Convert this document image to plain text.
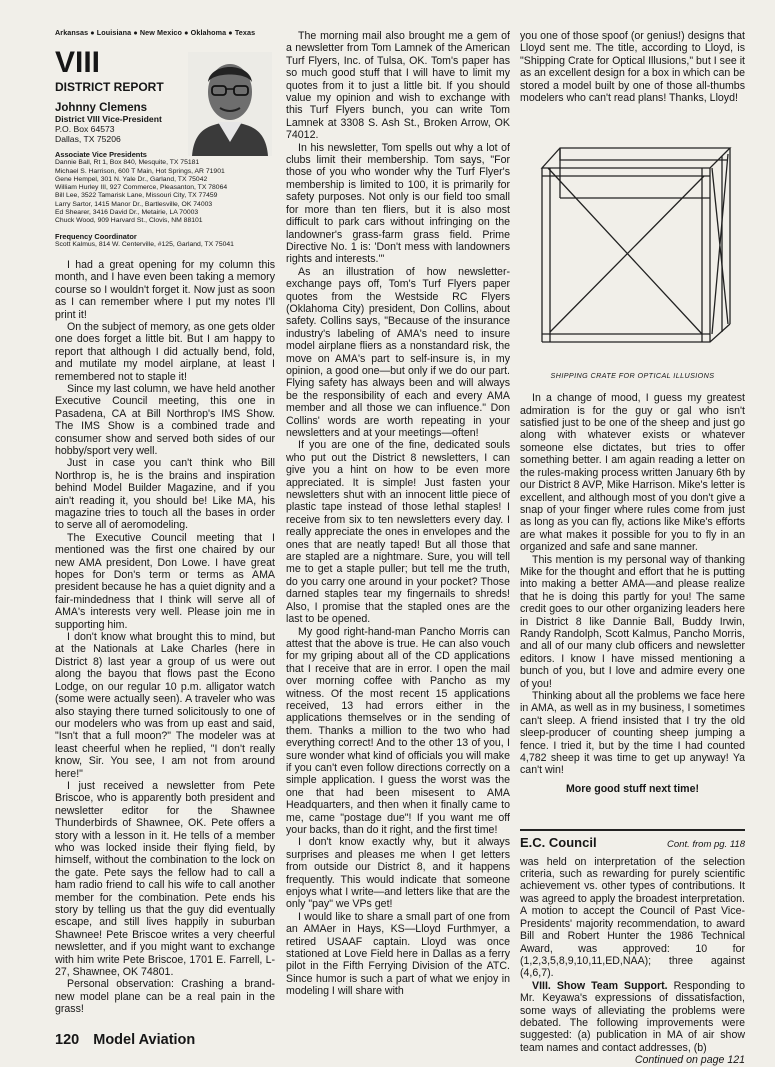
Arkansas ● Louisiana ● New Mexico ● Oklahoma ● Texas
VIII
DISTRICT REPORT
Johnny Clemens
District VIII Vice-President
P.O. Box 64573
Dallas, TX 75206
Associate Vice Presidents
Dannie Ball, Rt 1, Box 840, Mesquite, TX 75181
Michael S. Harrison, 600 T Main, Hot Springs, AR 71901
Gene Hempel, 301 N. Yale Dr., Garland, TX 75042
William Hurley III, 927 Commerce, Pleasanton, TX 78064
Bill Lee, 3522 Tamarisk Lane, Missouri City, TX 77459
Larry Sartor, 1415 Manor Dr., Bartlesville, OK 74003
Ed Shearer, 3416 David Dr., Metairie, LA 70003
Chuck Wood, 909 Harvard St., Clovis, NM 88101
Frequency Coordinator
Scott Kalmus, 814 W. Centerville, #125, Garland, TX 75041

I had a great opening for my column this month, and I have even been taking a memory course so I wouldn't forget it. Now just as soon as I can remember where I put my notes I'll print it!

On the subject of memory, as one gets older one does forget a little bit. But I am happy to report that although I did actually bend, fold, and mutilate my model airplane, at least I remembered not to staple it!

Since my last column, we have held another Executive Council meeting, this one in Pasadena, CA at Bill Northrop's IMS Show. The IMS Show is a combined trade and consumer show and served both sides of our hobby/sport very well.

Just in case you can't think who Bill Northrop is, he is the brains and inspiration behind Model Builder Magazine, and if you ain't reading it, you should be! Like MA, his magazine tries to touch all the bases in order to serve all of aeromodeling.

The Executive Council meeting that I mentioned was the first one chaired by our new AMA president, Don Lowe. I have great hopes for Don's term or terms as AMA president because he has a quiet dignity and a fair-mindedness that I think will serve all of AMA's interests very well. Please join me in supporting him.

I don't know what brought this to mind, but at the Nationals at Lake Charles (here in District 8) last year a group of us were out along the bayou that flows past the Econo Lodge, on our regular 10 p.m. alligator watch (some were actually seen). A traveler who was also staying there turned solicitously to one of our modelers who was from up east and said, "Isn't that a full moon?" The modeler was at least cheerful when he replied, "I don't really know, Sir. You see, I am not from around here!"

I just received a newsletter from Pete Briscoe, who is apparently both president and newsletter editor for the Shawnee Thunderbirds of Shawnee, OK. Pete offers a story with a lesson in it. He tells of a member who was locked inside their flying field, by himself, without the combination to the lock on the gate. Pete says the fellow had to call a ham radio friend to call his wife to call another member for the combination. Pete ends his story by telling us that the guy did eventually escape, and still lives happily in suburban Shawnee! Pete Briscoe writes a very cheerful newsletter, and if you might want to exchange with him write Pete Briscoe, 1701 E. Farrell, L-27, Shawnee, OK 74801.

Personal observation: Crashing a brand-new model plane can be a real pain in the grass!

The morning mail also brought me a gem of a newsletter from Tom Lamnek of the American Turf Flyers, Inc. of Tulsa, OK. Tom's paper has so much good stuff that I will have to limit my quotes from it to just a little bit. If you should value my opinion and wish to exchange with this Turf Flyers bunch, you can write Tom Lamnek at 3308 S. Ash St., Broken Arrow, OK 74012.

In his newsletter, Tom spells out why a lot of clubs limit their membership. Tom says, "For those of you who wonder why the Turf Flyer's membership is limited to 100, it is primarily for safety purposes. Not only is our field too small for more than ten fliers, but it is also most difficult to park cars without infringing on the landowner's grass-farm grass field. Prime Directive No. 1 is: 'Don't mess with landowners rights and interests.'"

As an illustration of how newsletter-exchange pays off, Tom's Turf Flyers paper quotes from the Westside RC Flyers (Oklahoma City) president, Don Collins, about safety. Collins says, "Because of the insurance industry's labeling of AMA's need to insure model airplane fliers as a nonstandard risk, the move on AMA's part to self-insure is, in my opinion, a good one—but only if we do our part. Flying safety has always been and will always be the responsibility of each and every AMA member and all those we can influence." Don Collins' words are worth repeating in your newsletters and at your meetings—often!

If you are one of the fine, dedicated souls who put out the District 8 newsletters, I can give you a hint on how to be even more appreciated. It is simple! Just fasten your newsletters shut with an innocent little piece of plastic tape instead of those lethal staples! I receive from six to ten newsletters every day. I really appreciate the ones in envelopes and the ones that are neatly taped! But all those that are stapled are a nightmare. Sure, you will tell me to get a staple puller; but tell me the truth, do you carry one around in your pocket? Those darned staples tear my fingernails to shreds! Also, I promise that the stapled ones are the last to be opened.

My good right-hand-man Pancho Morris can attest that the above is true. He can also vouch for my griping about all of the CD applications that I receive that are in error. I open the mail over morning coffee with Pancho as my witness. Of the most recent 15 applications received, 13 had errors either in the applications themselves or in the sending of them. Thanks a million to the two who had everything correct! And to the other 13 of you, I sure wonder what kind of officials you will make if you can't even follow directions correctly on a simple application. I guess the worst was the one that had been misesent to AMA Headquarters, and then when it finally came to me, came "postage due"! If you want me off your backs, than do it right, and the first time!

I don't know exactly why, but it always surprises and pleases me when I get letters from outside our District 8, and it happens frequently. This would indicate that someone enjoys what I write—and letters like that are the only "pay" we VPs get!

I would like to share a small part of one from an AMAer in Hays, KS—Lloyd Furthmyer, a retired USAAF captain. Lloyd was once stationed at Love Field here in Dallas as a ferry pilot in the Fifth Ferrying Division of the ATC. Since humor is such a part of what we enjoy in modeling I will share with

you one of those spoof (or genius!) designs that Lloyd sent me. The title, according to Lloyd, is "Shipping Crate for Optical Illusions," but I see it as an excellent design for a box in which can be stored a model built by one of those all-thumbs modelers who can't read plans! Thanks, Lloyd!

SHIPPING CRATE FOR OPTICAL ILLUSIONS

In a change of mood, I guess my greatest admiration is for the guy or gal who isn't satisfied just to be one of the sheep and just go along with whatever exists or whatever someone else dictates, but tries to offer something better. I am again reading a letter on the rules-making process written January 6th by our District 8 AVP, Mike Harrison. Mike's letter is excellent, and although most of you don't give a snap of your finger where rules come from just as long as you can fly, actions like Mike's efforts are what makes it possible for you to fly in an organized and safe and sane manner.

This mention is my personal way of thanking Mike for the thought and effort that he is putting into making a better AMA—and please realize that he is doing this partly for you! The same credit goes to our other organizing leaders here in District 8 like Dannie Ball, Buddy Irwin, Randy Randolph, Scott Kalmus, Pancho Morris, and all of our many club officers and newsletter editors. I know I have missed mentioning a bunch of you, but I love and admire every one of you!

Thinking about all the problems we face here in AMA, as well as in my business, I sometimes can't sleep. A friend insisted that I try the old sleep-producer of counting sheep jumping a fence. I tried it, but by the time I had counted 4,782 sheep it was time to get up anyway! Ya can't win!

More good stuff next time!
E.C. Council	Cont. from pg. 118

was held on interpretation of the selection criteria, such as rewarding for purely scientific achievement vs. other types of contributions. It was agreed to apply the broadest interpretation. A motion to accept the Council of Past Vice-Presidents' majority recommendation, to award Bill and Robert Hunter the 1986 Technical Award, was approved: 10 for (1,2,3,5,8,9,10,11,ED,NAA); three against (4,6,7).

VIII. Show Team Support. Responding to Mr. Keyawa's expressions of dissatisfaction, some ways of alleviating the problems were debated. The following improvements were suggested: (a) publication in MA of air show team names and contact addresses, (b)

Continued on page 121
120 Model Aviation
